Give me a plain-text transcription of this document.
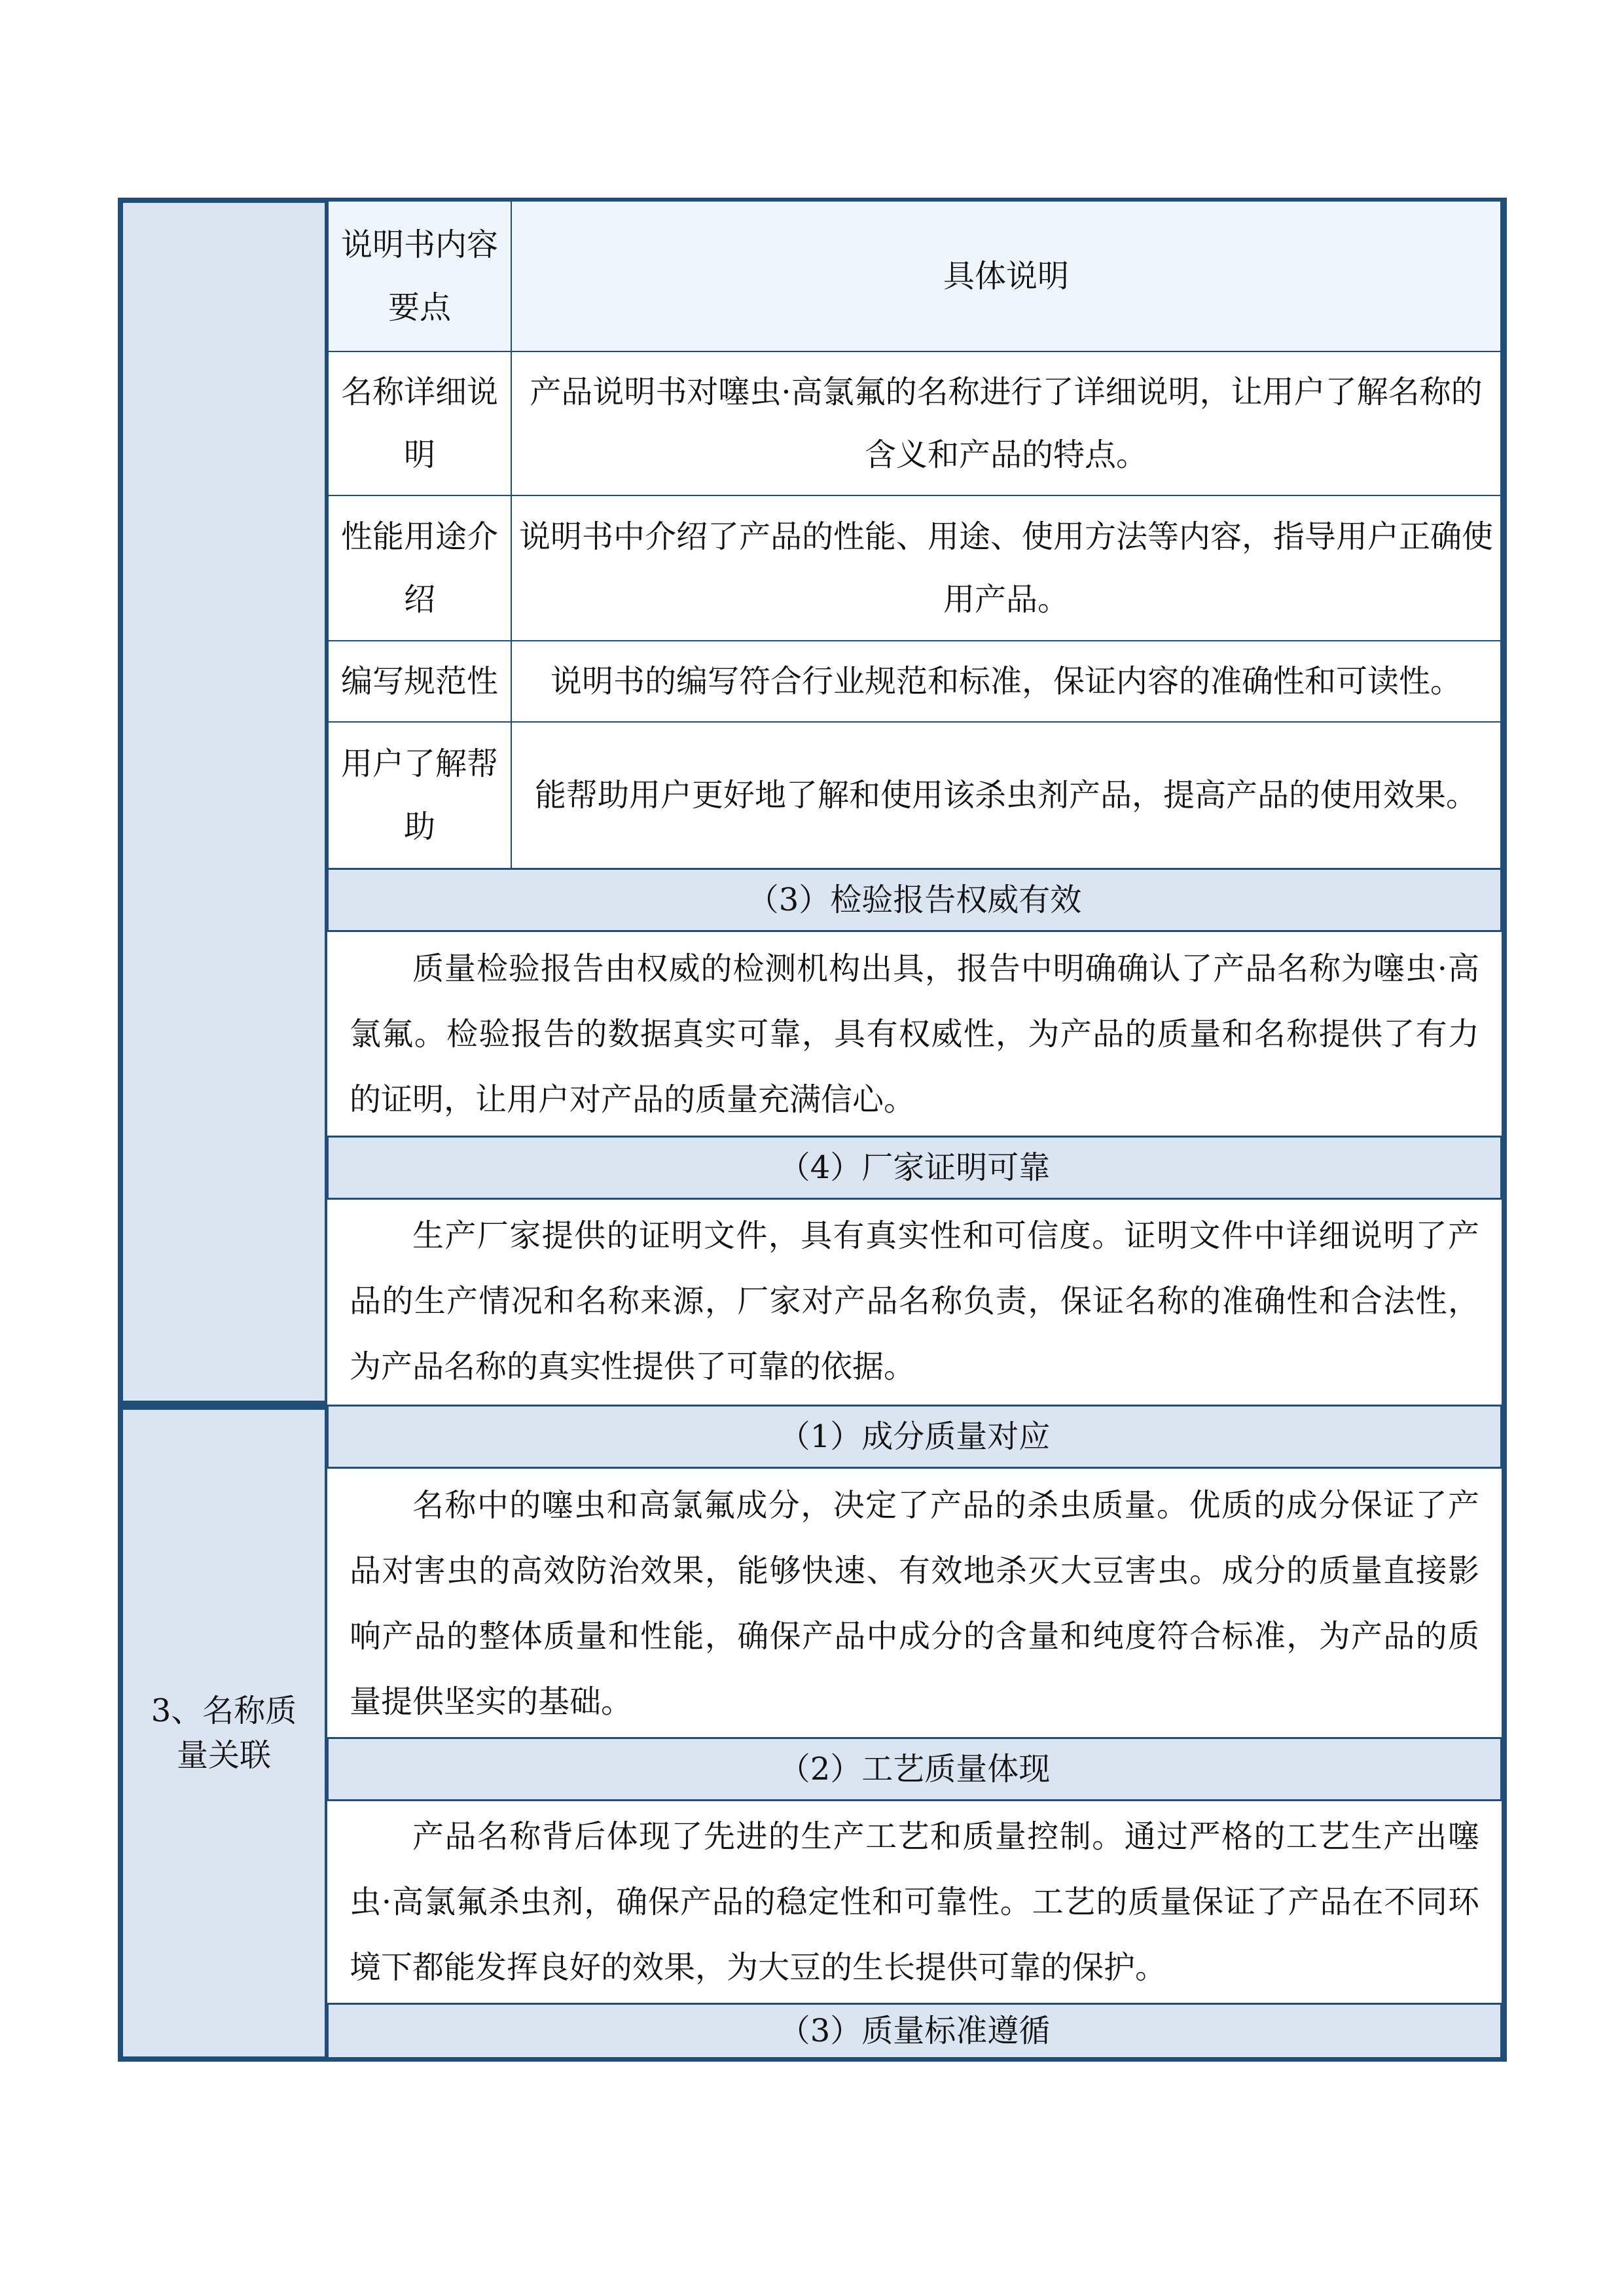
3、名称质量关联
说明书内容要点
具体说明
名称详细说明
产品说明书对噻虫·高氯氟的名称进行了详细说明，让用户了解名称的含义和产品的特点。
性能用途介绍
说明书中介绍了产品的性能、用途、使用方法等内容，指导用户正确使用产品。
编写规范性	说明书的编写符合行业规范和标准，保证内容的准确性和可读性。
用户了解帮助
能帮助用户更好地了解和使用该杀虫剂产品，提高产品的使用效果。
（3）检验报告权威有效
质量检验报告由权威的检测机构出具，报告中明确确认了产品名称为噻虫·高氯氟。检验报告的数据真实可靠，具有权威性，为产品的质量和名称提供了有力的证明，让用户对产品的质量充满信心。
（4）厂家证明可靠
生产厂家提供的证明文件，具有真实性和可信度。证明文件中详细说明了产品的生产情况和名称来源，厂家对产品名称负责，保证名称的准确性和合法性，为产品名称的真实性提供了可靠的依据。
（1）成分质量对应
名称中的噻虫和高氯氟成分，决定了产品的杀虫质量。优质的成分保证了产品对害虫的高效防治效果，能够快速、有效地杀灭大豆害虫。成分的质量直接影响产品的整体质量和性能，确保产品中成分的含量和纯度符合标准，为产品的质量提供坚实的基础。
（2）工艺质量体现
产品名称背后体现了先进的生产工艺和质量控制。通过严格的工艺生产出噻虫·高氯氟杀虫剂，确保产品的稳定性和可靠性。工艺的质量保证了产品在不同环境下都能发挥良好的效果，为大豆的生长提供可靠的保护。
（3）质量标准遵循
